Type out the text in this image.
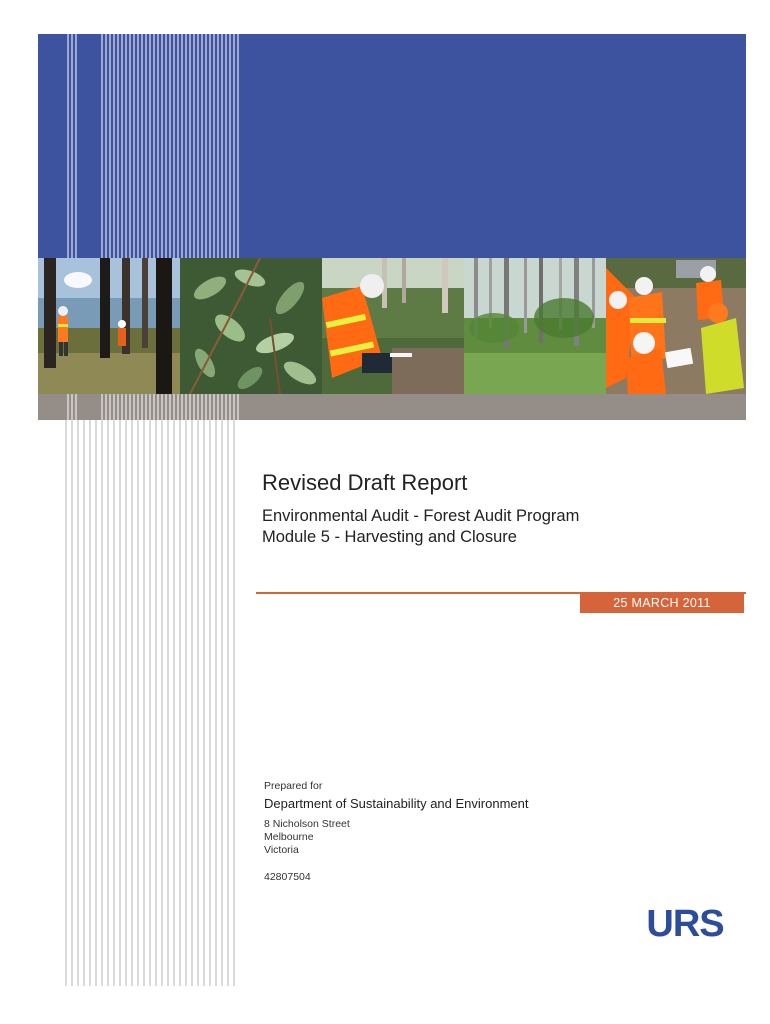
Revised Draft Report
Environmental Audit - Forest Audit Program
Module 5 - Harvesting and Closure
25 MARCH 2011
Prepared for
Department of Sustainability and Environment
8 Nicholson Street
Melbourne
Victoria
42807504
URS
